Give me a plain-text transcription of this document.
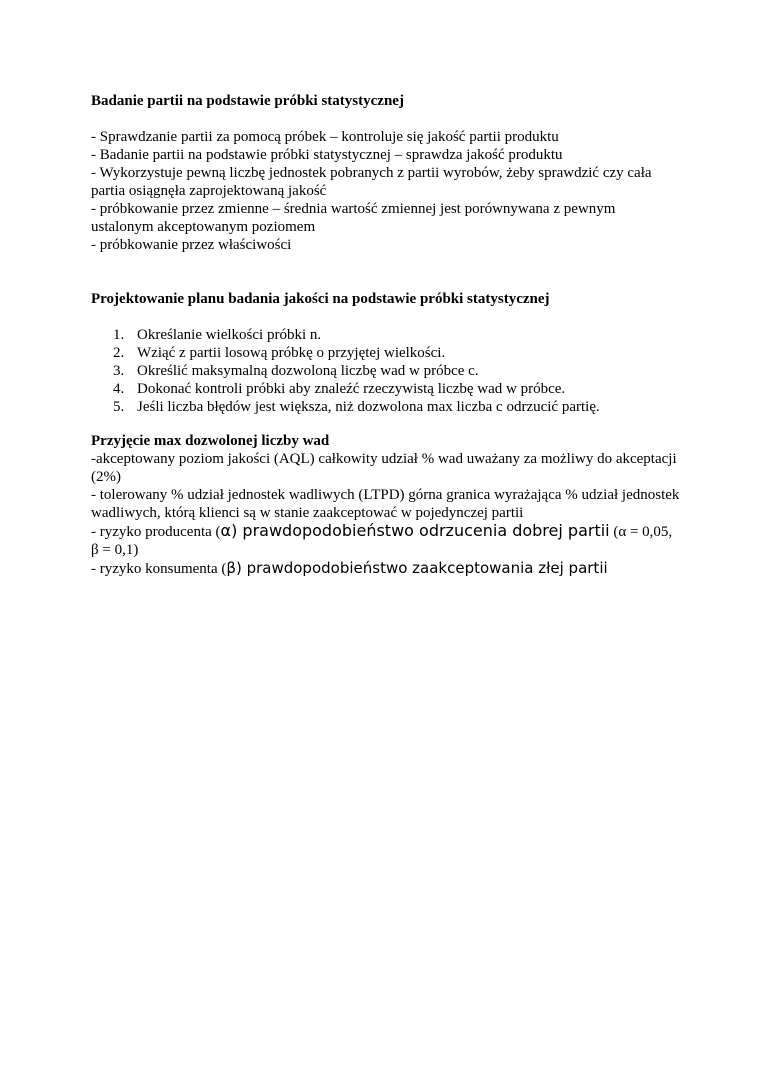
Badanie partii na podstawie próbki statystycznej

- Sprawdzanie partii za pomocą próbek – kontroluje się jakość partii produktu

- Badanie partii na podstawie próbki statystycznej – sprawdza jakość produktu

- Wykorzystuje pewną liczbę jednostek pobranych z partii wyrobów, żeby sprawdzić czy cała partia osiągnęła zaprojektowaną jakość

- próbkowanie przez zmienne – średnia wartość zmiennej jest porównywana z pewnym ustalonym akceptowanym poziomem

- próbkowanie przez właściwości

Projektowanie planu badania jakości na podstawie próbki statystycznej

1. Określanie wielkości próbki n.
2. Wziąć z partii losową próbkę o przyjętej wielkości.
3. Określić maksymalną dozwoloną liczbę wad w próbce c.
4. Dokonać kontroli próbki aby znaleźć rzeczywistą liczbę wad w próbce.
5. Jeśli liczba błędów jest większa, niż dozwolona max liczba c odrzucić partię.

Przyjęcie max dozwolonej liczby wad

-akceptowany poziom jakości (AQL) całkowity udział % wad uważany za możliwy do akceptacji (2%)

- tolerowany % udział jednostek wadliwych (LTPD) górna granica wyrażająca % udział jednostek wadliwych, którą klienci są w stanie zaakceptować w pojedynczej partii

- ryzyko producenta (α) prawdopodobieństwo odrzucenia dobrej partii (α = 0,05, β = 0,1)

- ryzyko konsumenta (β) prawdopodobieństwo zaakceptowania złej partii
